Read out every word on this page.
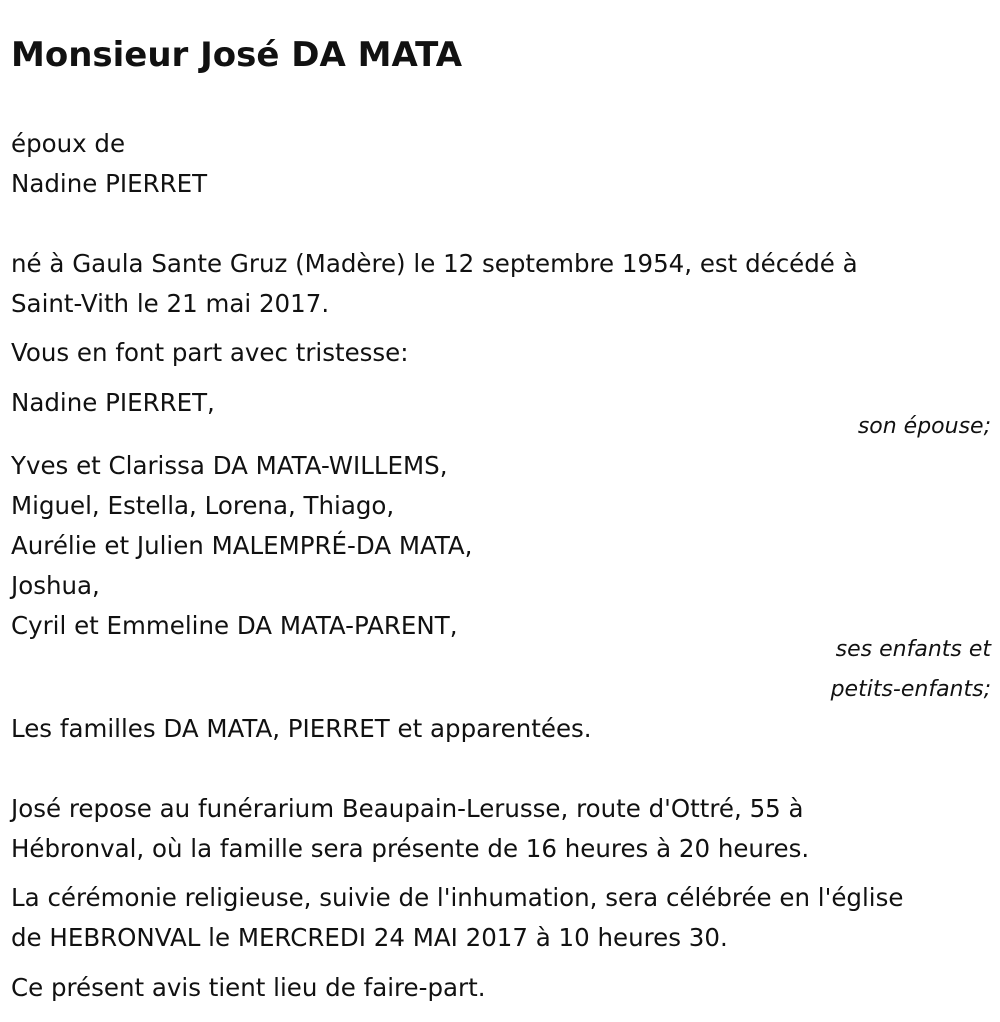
Monsieur José DA MATA
époux de
Nadine PIERRET
né à Gaula Sante Gruz (Madère) le 12 septembre 1954, est décédé à
Saint-Vith le 21 mai 2017.
Vous en font part avec tristesse:
Nadine PIERRET,
son épouse;
Yves et Clarissa DA MATA-WILLEMS,
Miguel, Estella, Lorena, Thiago,
Aurélie et Julien MALEMPRÉ-DA MATA,
Joshua,
Cyril et Emmeline DA MATA-PARENT,
ses enfants et
petits-enfants;
Les familles DA MATA, PIERRET et apparentées.
José repose au funérarium Beaupain-Lerusse, route d'Ottré, 55 à
Hébronval, où la famille sera présente de 16 heures à 20 heures.
La cérémonie religieuse, suivie de l'inhumation, sera célébrée en l'église
de HEBRONVAL le MERCREDI 24 MAI 2017 à 10 heures 30.
Ce présent avis tient lieu de faire-part.
